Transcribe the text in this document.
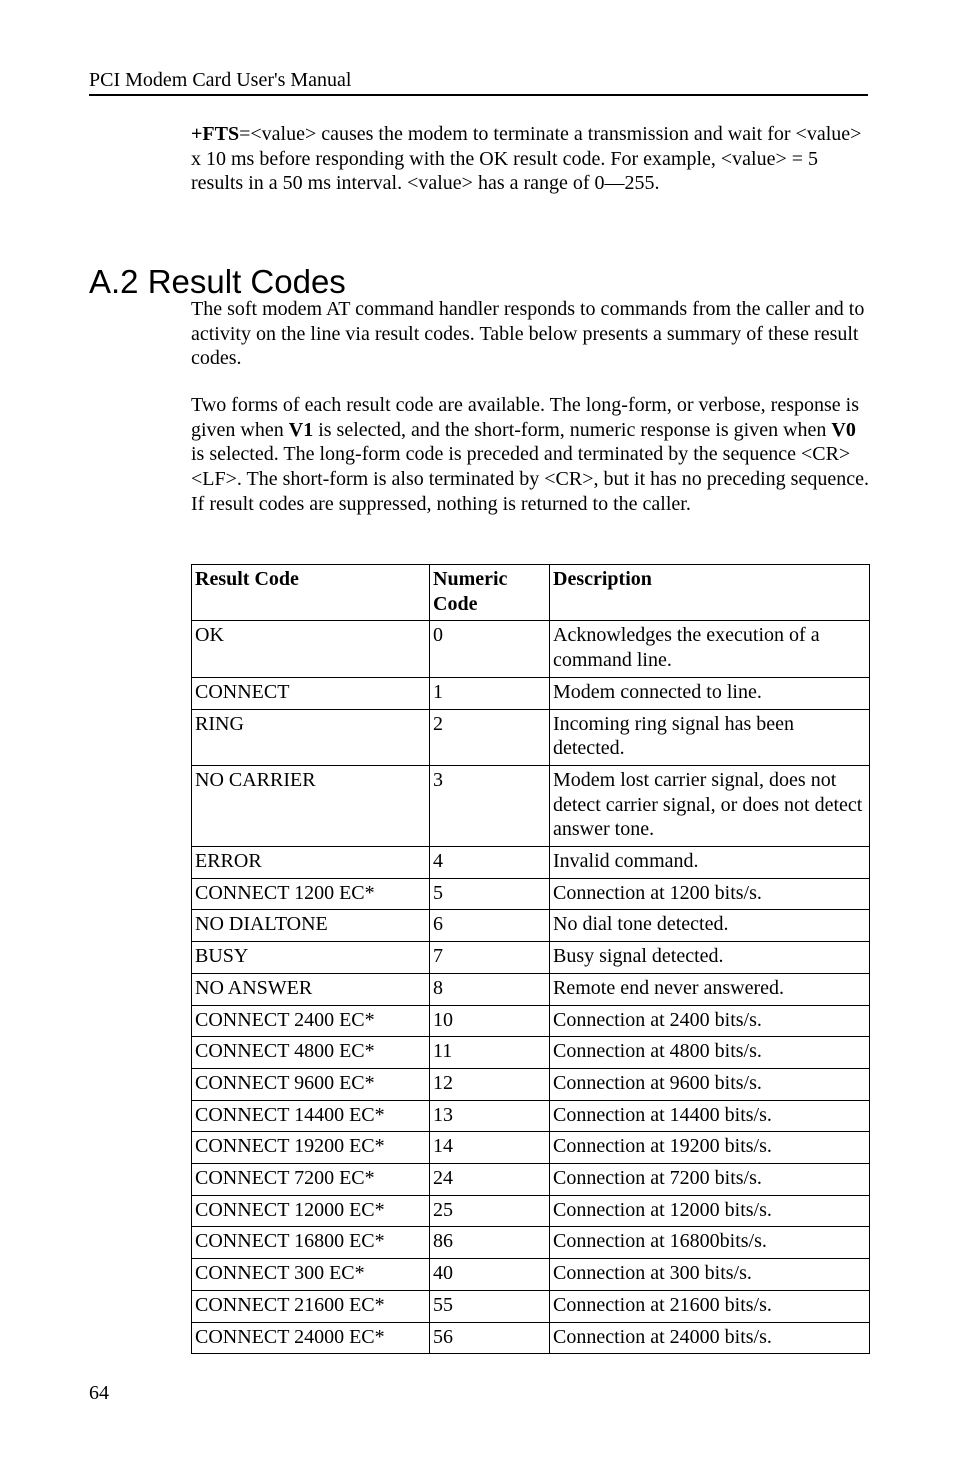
PCI Modem Card User's Manual
+FTS=<value> causes the modem to terminate a transmission and wait for <value> x 10 ms before responding with the OK result code. For example, <value> = 5 results in a 50 ms interval. <value> has a range of 0—255.
A.2 Result Codes
The soft modem AT command handler responds to commands from the caller and to activity on the line via result codes. Table below presents a summary of these result codes.
Two forms of each result code are available. The long-form, or verbose, response is given when V1 is selected, and the short-form, numeric response is given when V0 is selected. The long-form code is preceded and terminated by the sequence <CR> <LF>. The short-form is also terminated by <CR>, but it has no preceding sequence. If result codes are suppressed, nothing is returned to the caller.
Result Code	Numeric Code	Description
OK	0	Acknowledges the execution of a command line.
CONNECT	1	Modem connected to line.
RING	2	Incoming ring signal has been detected.
NO CARRIER	3	Modem lost carrier signal, does not detect carrier signal, or does not detect answer tone.
ERROR	4	Invalid command.
CONNECT 1200 EC*	5	Connection at 1200 bits/s.
NO DIALTONE	6	No dial tone detected.
BUSY	7	Busy signal detected.
NO ANSWER	8	Remote end never answered.
CONNECT 2400 EC*	10	Connection at 2400 bits/s.
CONNECT 4800 EC*	11	Connection at 4800 bits/s.
CONNECT 9600 EC*	12	Connection at 9600 bits/s.
CONNECT 14400 EC*	13	Connection at 14400 bits/s.
CONNECT 19200 EC*	14	Connection at 19200 bits/s.
CONNECT 7200 EC*	24	Connection at 7200 bits/s.
CONNECT 12000 EC*	25	Connection at 12000 bits/s.
CONNECT 16800 EC*	86	Connection at 16800bits/s.
CONNECT 300 EC*	40	Connection at 300 bits/s.
CONNECT 21600 EC*	55	Connection at 21600 bits/s.
CONNECT 24000 EC*	56	Connection at 24000 bits/s.
64
